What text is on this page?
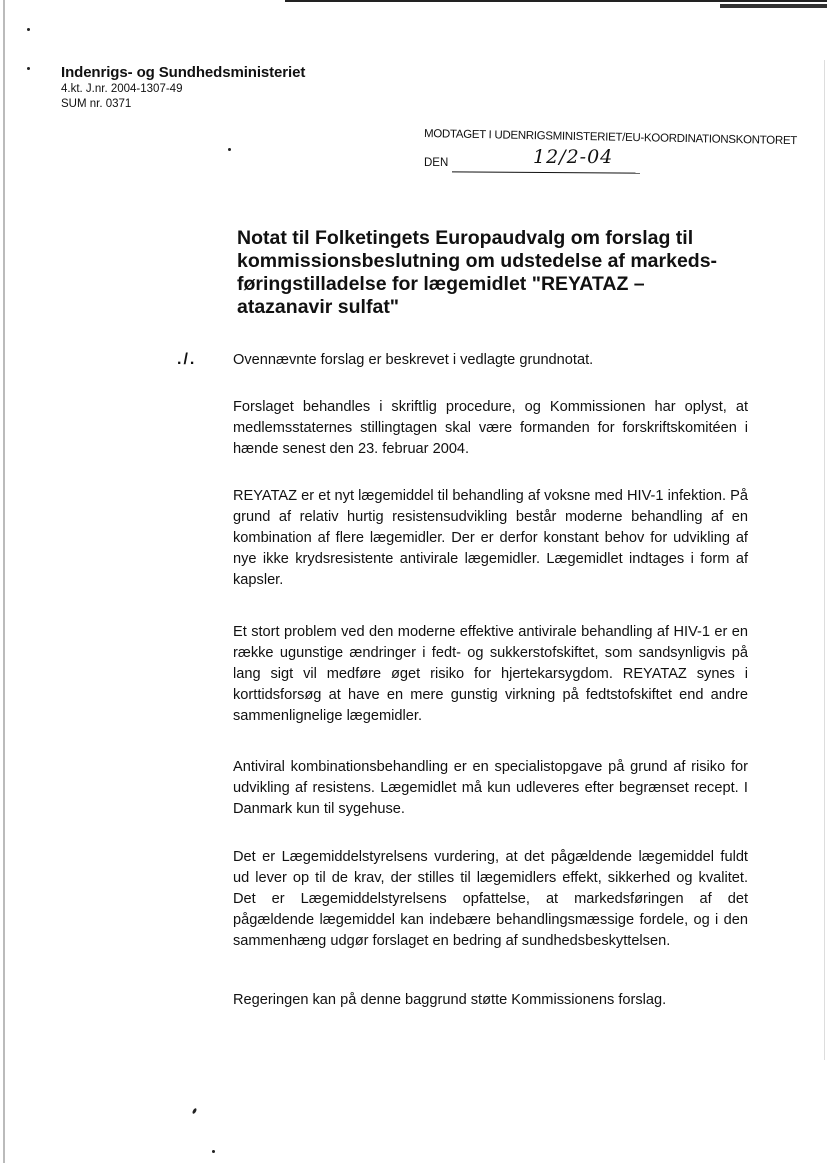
Indenrigs- og Sundhedsministeriet
4.kt. J.nr. 2004-1307-49
SUM nr. 0371
MODTAGET I UDENRIGSMINISTERIET/EU-KOORDINATIONSKONTORET
DEN	12/2-04
Notat til Folketingets Europaudvalg om forslag til kommissionsbeslutning om udstedelse af markeds-føringstilladelse for lægemidlet "REYATAZ – atazanavir sulfat"
./.	Ovennævnte forslag er beskrevet i vedlagte grundnotat.

Forslaget behandles i skriftlig procedure, og Kommissionen har oplyst, at medlemsstaternes stillingtagen skal være formanden for forskriftskomitéen i hænde senest den 23. februar 2004.

REYATAZ er et nyt lægemiddel til behandling af voksne med HIV-1 infektion. På grund af relativ hurtig resistensudvikling består moderne behandling af en kombination af flere lægemidler. Der er derfor konstant behov for udvikling af nye ikke krydsresistente antivirale lægemidler. Lægemidlet indtages i form af kapsler.

Et stort problem ved den moderne effektive antivirale behandling af HIV-1 er en række ugunstige ændringer i fedt- og sukkerstofskiftet, som sandsynligvis på lang sigt vil medføre øget risiko for hjertekarsygdom. REYATAZ synes i korttidsforsøg at have en mere gunstig virkning på fedtstofskiftet end andre sammenlignelige lægemidler.

Antiviral kombinationsbehandling er en specialistopgave på grund af risiko for udvikling af resistens. Lægemidlet må kun udleveres efter begrænset recept. I Danmark kun til sygehuse.

Det er Lægemiddelstyrelsens vurdering, at det pågældende lægemiddel fuldt ud lever op til de krav, der stilles til lægemidlers effekt, sikkerhed og kvalitet. Det er Lægemiddelstyrelsens opfattelse, at markedsføringen af det pågældende lægemiddel kan indebære behandlingsmæssige fordele, og i den sammenhæng udgør forslaget en bedring af sundhedsbeskyttelsen.

Regeringen kan på denne baggrund støtte Kommissionens forslag.
